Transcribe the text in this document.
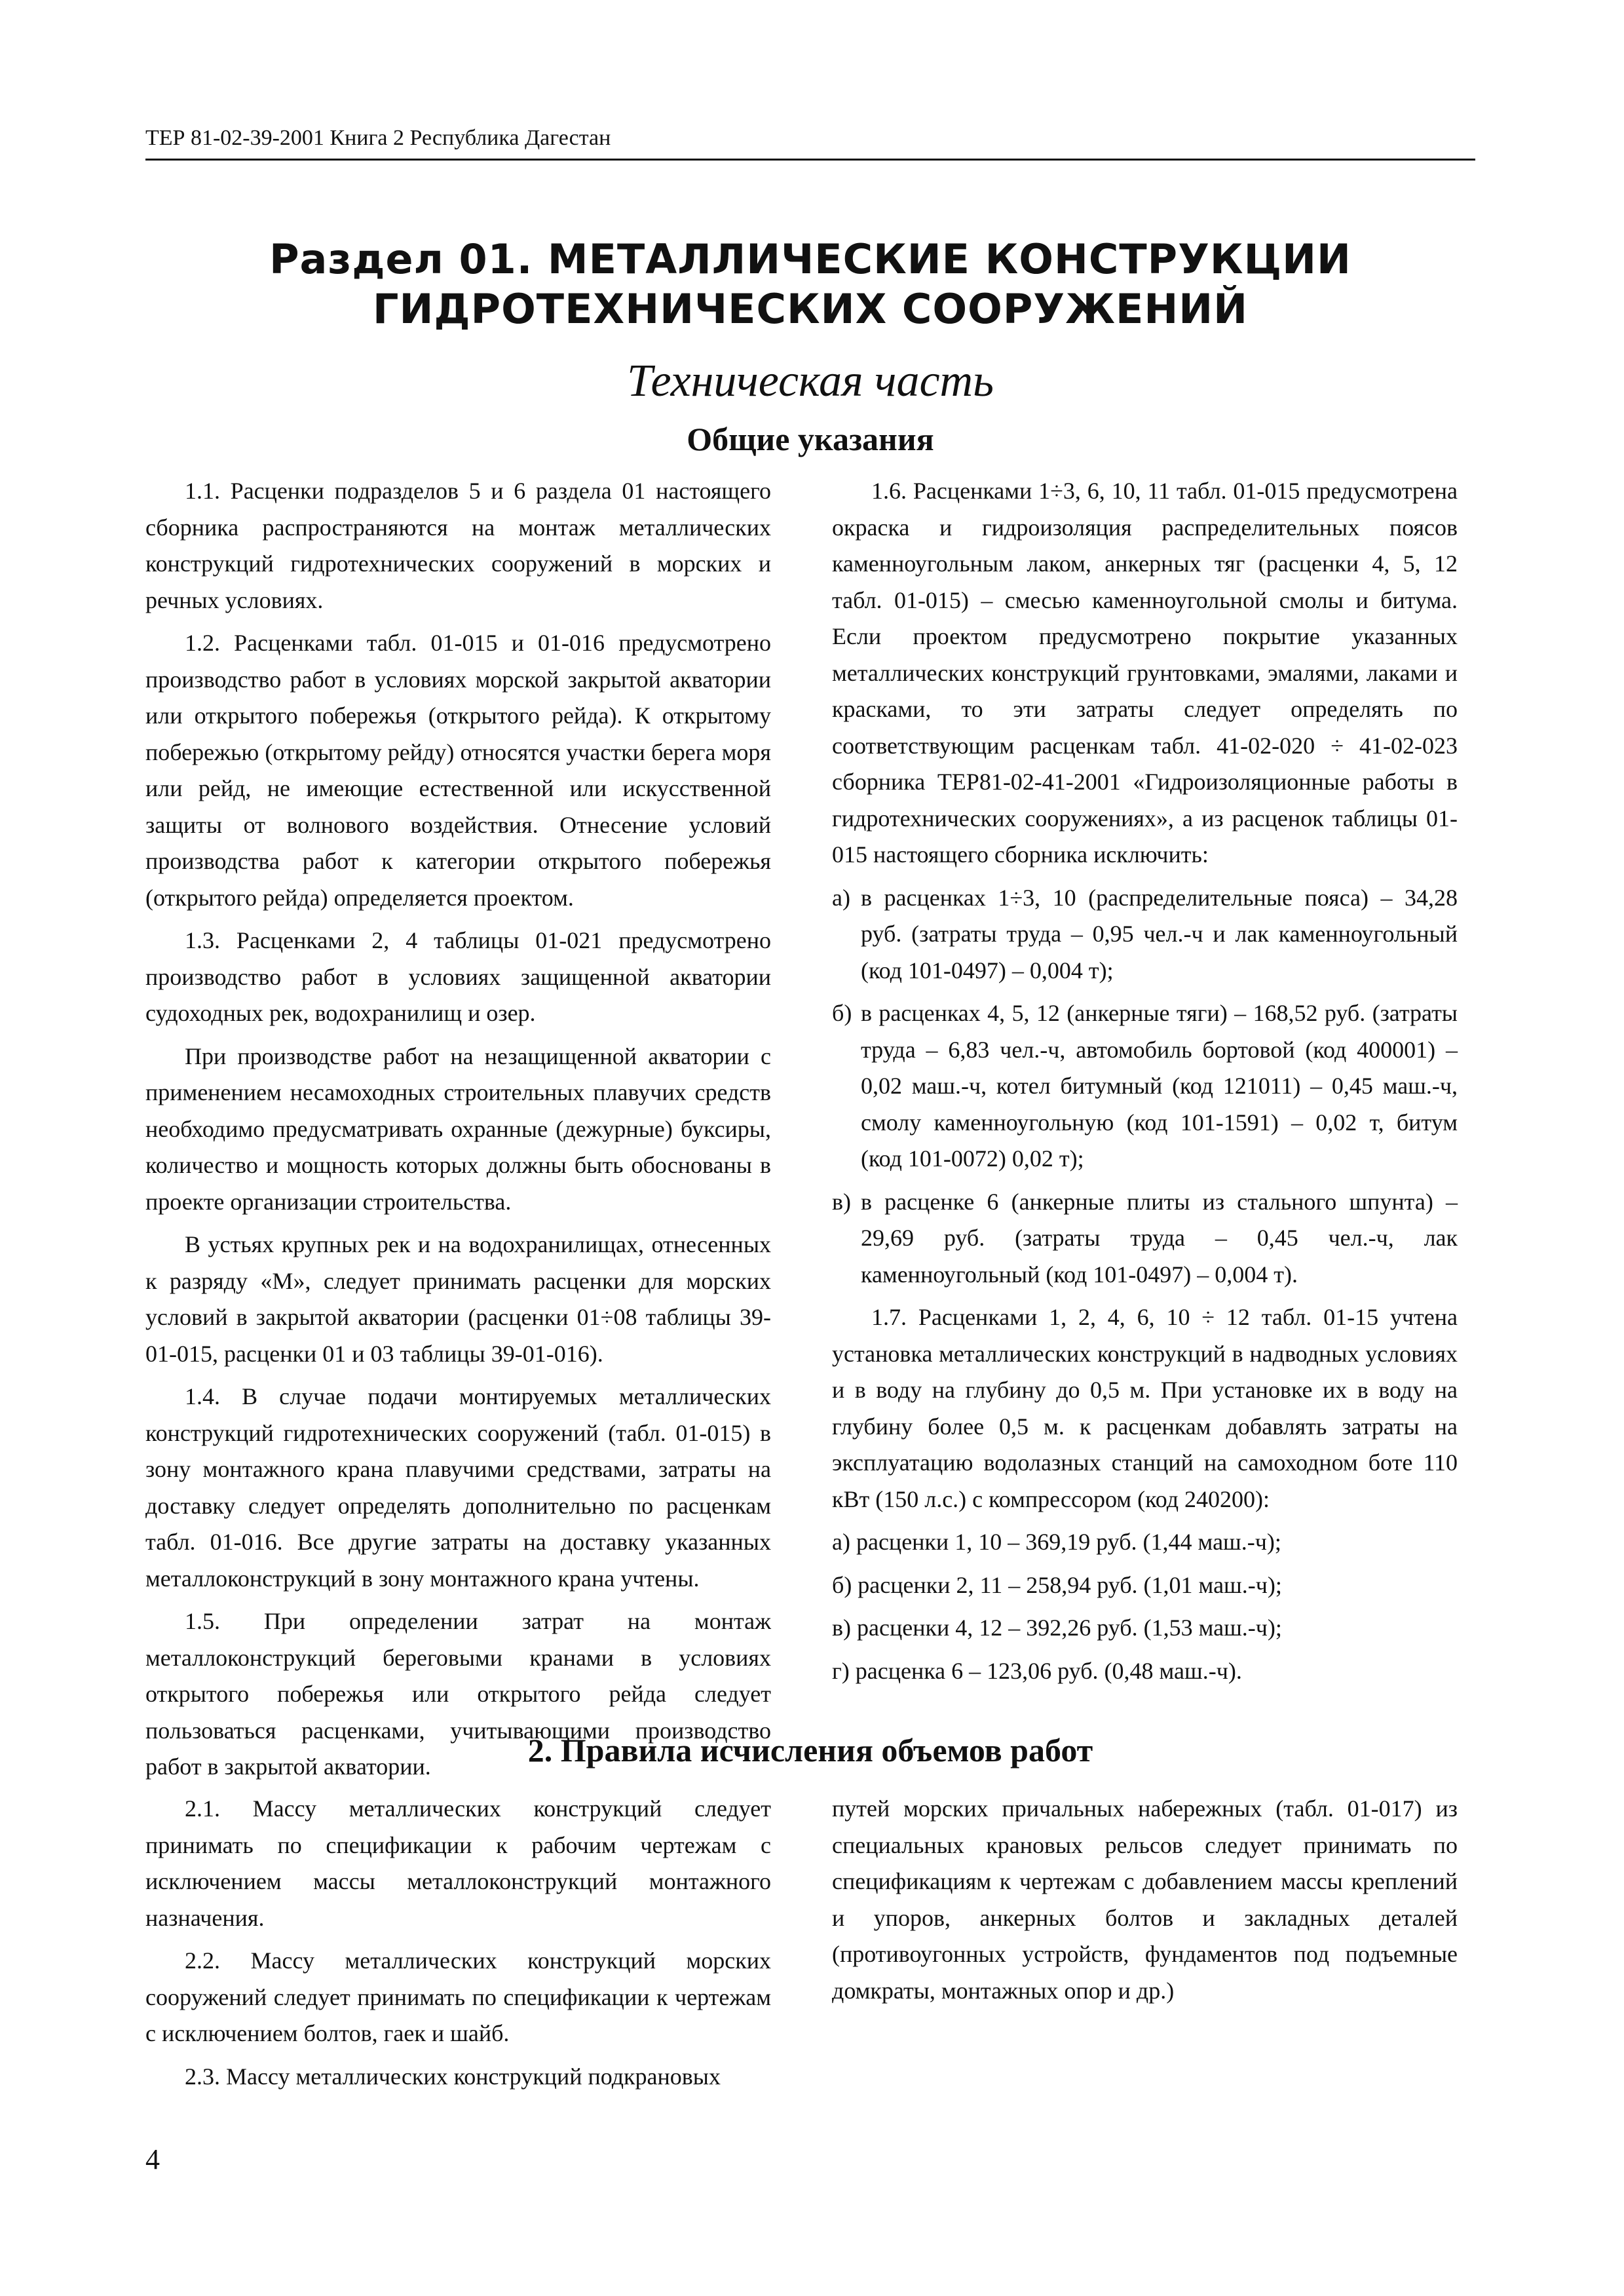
ТЕР 81-02-39-2001 Книга 2 Республика Дагестан
Раздел 01. МЕТАЛЛИЧЕСКИЕ КОНСТРУКЦИИ ГИДРОТЕХНИЧЕСКИХ СООРУЖЕНИЙ
Техническая часть
Общие указания

1.1. Расценки подразделов 5 и 6 раздела 01 настоящего сборника распространяются на монтаж металлических конструкций гидротехнических сооружений в морских и речных условиях.

1.2. Расценками табл. 01-015 и 01-016 предусмотрено производство работ в условиях морской закрытой акватории или открытого побережья (открытого рейда). К открытому побережью (открытому рейду) относятся участки берега моря или рейд, не имеющие естественной или искусственной защиты от волнового воздействия. Отнесение условий производства работ к категории открытого побережья (открытого рейда) определяется проектом.

1.3. Расценками 2, 4 таблицы 01-021 предусмотрено производство работ в условиях защищенной акватории судоходных рек, водохранилищ и озер.

При производстве работ на незащищенной акватории с применением несамоходных строительных плавучих средств необходимо предусматривать охранные (дежурные) буксиры, количество и мощность которых должны быть обоснованы в проекте организации строительства.

В устьях крупных рек и на водохранилищах, отнесенных к разряду «М», следует принимать расценки для морских условий в закрытой акватории (расценки 01÷08 таблицы 39-01-015, расценки 01 и 03 таблицы 39-01-016).

1.4. В случае подачи монтируемых металлических конструкций гидротехнических сооружений (табл. 01-015) в зону монтажного крана плавучими средствами, затраты на доставку следует определять дополнительно по расценкам табл. 01-016. Все другие затраты на доставку указанных металлоконструкций в зону монтажного крана учтены.

1.5. При определении затрат на монтаж металлоконструкций береговыми кранами в условиях открытого побережья или открытого рейда следует пользоваться расценками, учитывающими производство работ в закрытой акватории.

1.6. Расценками 1÷3, 6, 10, 11 табл. 01-015 предусмотрена окраска и гидроизоляция распределительных поясов каменноугольным лаком, анкерных тяг (расценки 4, 5, 12 табл. 01-015) – смесью каменноугольной смолы и битума. Если проектом предусмотрено покрытие указанных металлических конструкций грунтовками, эмалями, лаками и красками, то эти затраты следует определять по соответствующим расценкам табл. 41-02-020 ÷ 41-02-023 сборника ТЕР81-02-41-2001 «Гидроизоляционные работы в гидротехнических сооружениях», а из расценок таблицы 01-015 настоящего сборника исключить:

а) в расценках 1÷3, 10 (распределительные пояса) – 34,28 руб. (затраты труда – 0,95 чел.-ч и лак каменноугольный (код 101-0497) – 0,004 т);

б) в расценках 4, 5, 12 (анкерные тяги) – 168,52 руб. (затраты труда – 6,83 чел.-ч, автомобиль бортовой (код 400001) – 0,02 маш.-ч, котел битумный (код 121011) – 0,45 маш.-ч, смолу каменноугольную (код 101-1591) – 0,02 т, битум (код 101-0072) 0,02 т);

в) в расценке 6 (анкерные плиты из стального шпунта) – 29,69 руб. (затраты труда – 0,45 чел.-ч, лак каменноугольный (код 101-0497) – 0,004 т).

1.7. Расценками 1, 2, 4, 6, 10 ÷ 12 табл. 01-15 учтена установка металлических конструкций в надводных условиях и в воду на глубину до 0,5 м. При установке их в воду на глубину более 0,5 м. к расценкам добавлять затраты на эксплуатацию водолазных станций на самоходном боте 110 кВт (150 л.с.) с компрессором (код 240200):

а) расценки 1, 10 – 369,19 руб. (1,44 маш.-ч);

б) расценки 2, 11 – 258,94 руб. (1,01 маш.-ч);

в) расценки 4, 12 – 392,26 руб. (1,53 маш.-ч);

г) расценка 6 – 123,06 руб. (0,48 маш.-ч).

2. Правила исчисления объемов работ

2.1. Массу металлических конструкций следует принимать по спецификации к рабочим чертежам с исключением массы металлоконструкций монтажного назначения.

2.2. Массу металлических конструкций морских сооружений следует принимать по спецификации к чертежам с исключением болтов, гаек и шайб.

2.3. Массу металлических конструкций подкрановых

путей морских причальных набережных (табл. 01-017) из специальных крановых рельсов следует принимать по спецификациям к чертежам с добавлением массы креплений и упоров, анкерных болтов и закладных деталей (противоугонных устройств, фундаментов под подъемные домкраты, монтажных опор и др.)

4
